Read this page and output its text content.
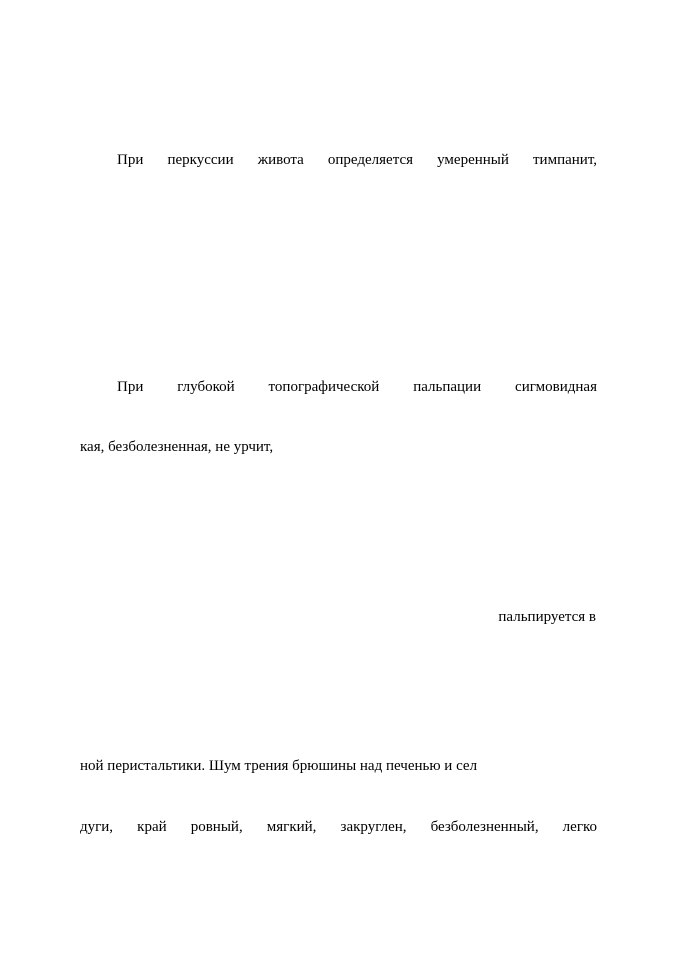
При перкуссии живота определяется умеренный тимпанит,
При глубокой топографической пальпации сигмовидная
кая, безболезненная, не урчит,
пальпируется в
ной перистальтики. Шум трения брюшины над печенью и сел
дуги, край ровный, мягкий, закруглен, безболезненный, легко
